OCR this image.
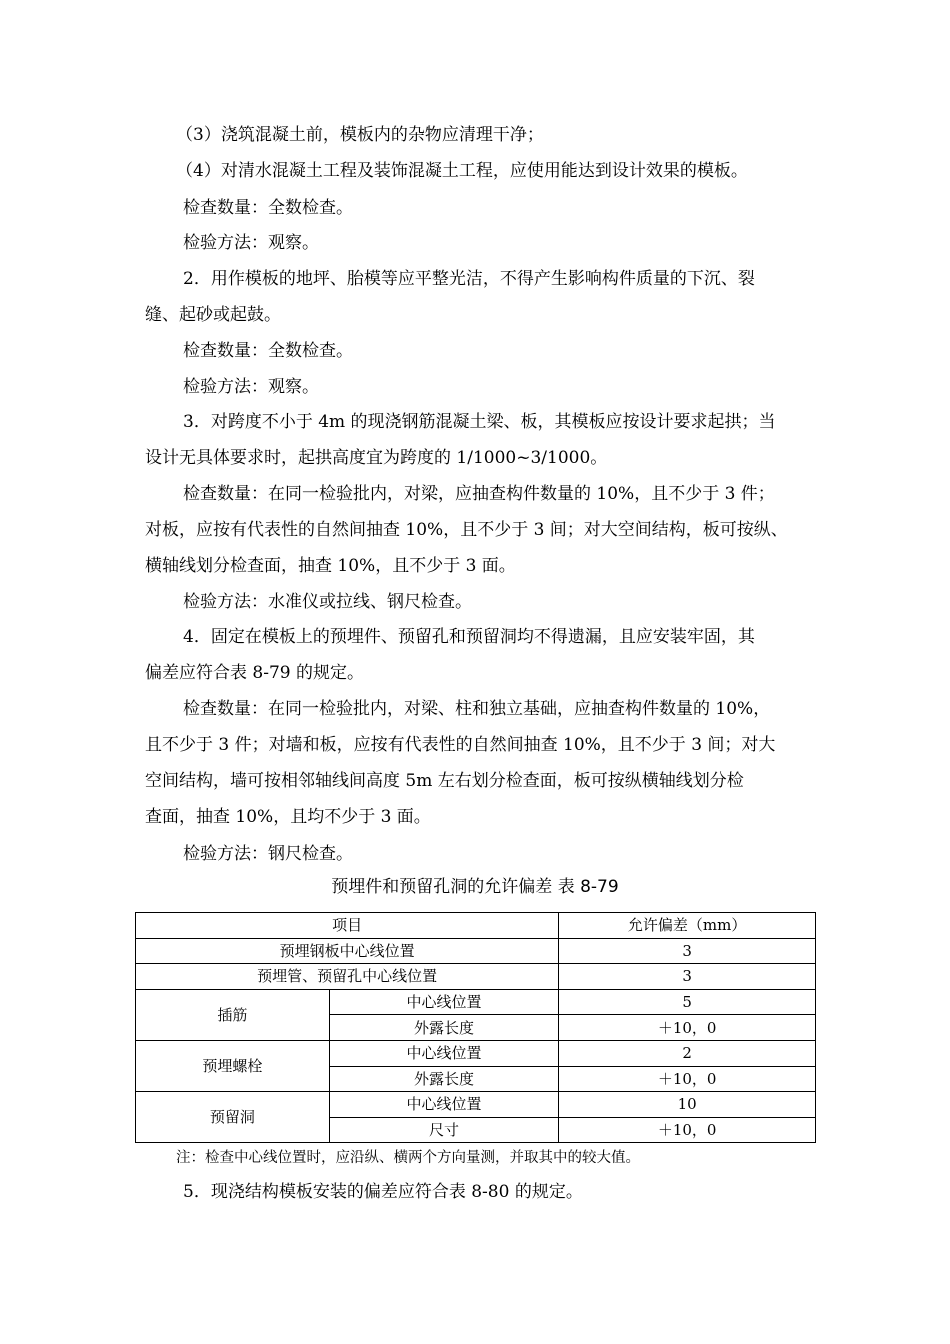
（3）浇筑混凝土前，模板内的杂物应清理干净；
（4）对清水混凝土工程及装饰混凝土工程，应使用能达到设计效果的模板。
检查数量：全数检查。
检验方法：观察。
2．用作模板的地坪、胎模等应平整光洁，不得产生影响构件质量的下沉、裂
缝、起砂或起鼓。
检查数量：全数检查。
检验方法：观察。
3．对跨度不小于 4m 的现浇钢筋混凝土梁、板，其模板应按设计要求起拱；当
设计无具体要求时，起拱高度宜为跨度的 1/1000~3/1000。
检查数量：在同一检验批内，对梁，应抽查构件数量的 10%，且不少于 3 件；
对板，应按有代表性的自然间抽查 10%，且不少于 3 间；对大空间结构，板可按纵、
横轴线划分检查面，抽查 10%，且不少于 3 面。
检验方法：水准仪或拉线、钢尺检查。
4．固定在模板上的预埋件、预留孔和预留洞均不得遗漏，且应安装牢固，其
偏差应符合表 8-79 的规定。
检查数量：在同一检验批内，对梁、柱和独立基础，应抽查构件数量的 10%，
且不少于 3 件；对墙和板，应按有代表性的自然间抽查 10%，且不少于 3 间；对大
空间结构，墙可按相邻轴线间高度 5m 左右划分检查面，板可按纵横轴线划分检
查面，抽查 10%，且均不少于 3 面。
检验方法：钢尺检查。
预埋件和预留孔洞的允许偏差 表 8-79
项目		允许偏差（mm）
预埋钢板中心线位置		3
预埋管、预留孔中心线位置		3
插筋	中心线位置	5
	外露长度	＋10，0
预埋螺栓	中心线位置	2
	外露长度	＋10，0
预留洞	中心线位置	10
	尺寸	＋10，0
注：检查中心线位置时，应沿纵、横两个方向量测，并取其中的较大值。
5．现浇结构模板安装的偏差应符合表 8-80 的规定。
